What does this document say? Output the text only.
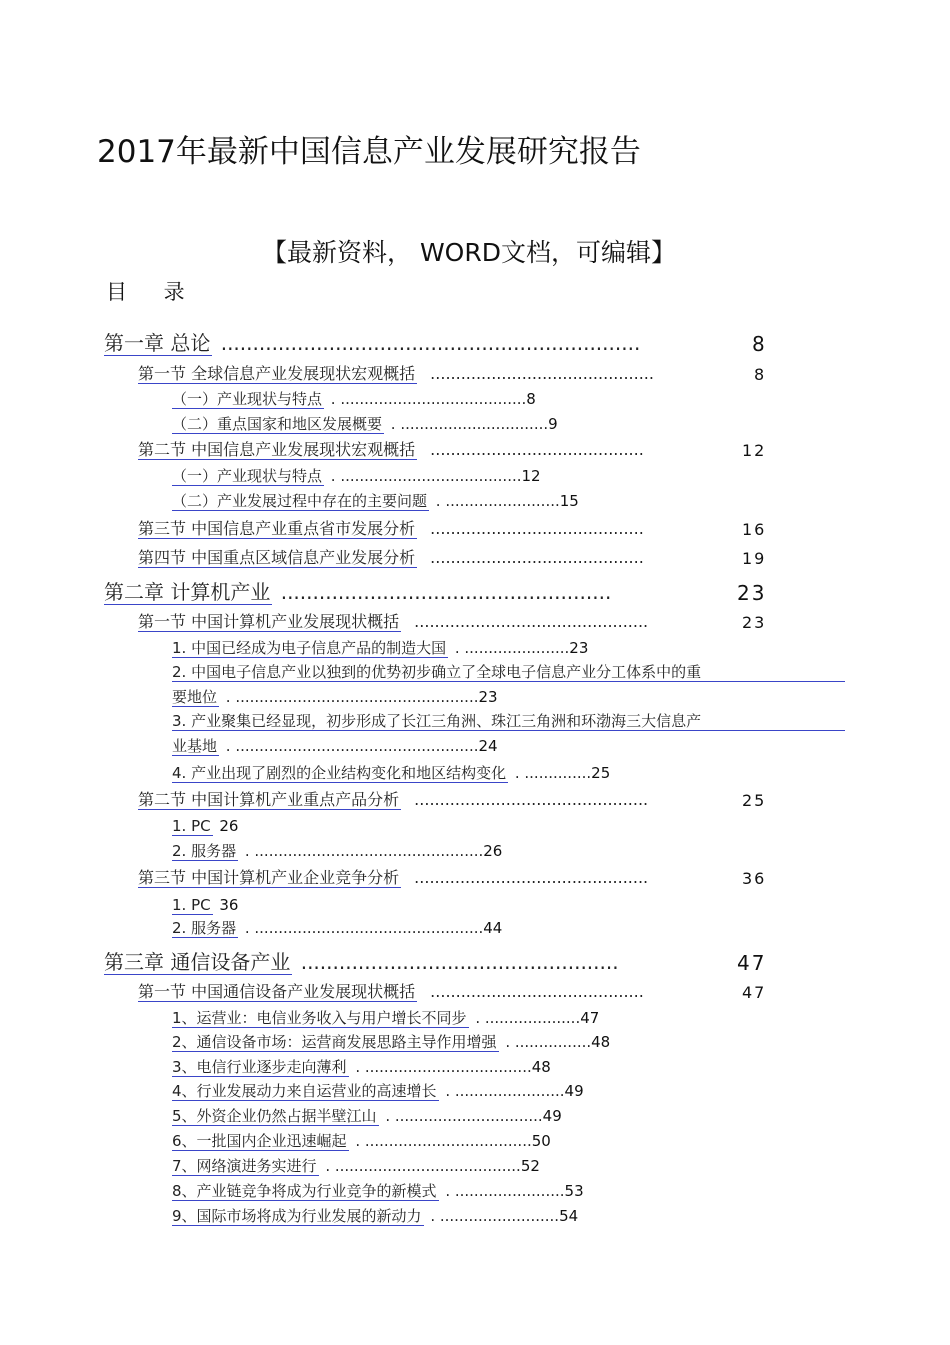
2017年最新中国信息产业发展研究报告
【最新资料， WORD文档，可编辑】
目 录
第一章 总论 ..................................................................	8
第一节 全球信息产业发展现状宏观概括 ............................................	8
（一）产业现状与特点 . .......................................8
（二）重点国家和地区发展概要 . ...............................9
第二节 中国信息产业发展现状宏观概括 ..........................................	12
（一）产业现状与特点 . ......................................12
（二）产业发展过程中存在的主要问题 . ........................15
第三节 中国信息产业重点省市发展分析 ..........................................	16
第四节 中国重点区域信息产业发展分析 ..........................................	19
第二章 计算机产业 ....................................................	23
第一节 中国计算机产业发展现状概括 ..............................................	23
1. 中国已经成为电子信息产品的制造大国 . ......................23
2. 中国电子信息产业以独到的优势初步确立了全球电子信息产业分工体系中的重
要地位 . ...................................................23
3. 产业聚集已经显现，初步形成了长江三角洲、珠江三角洲和环渤海三大信息产
业基地 . ...................................................24
4. 产业出现了剧烈的企业结构变化和地区结构变化 . ..............25
第二节 中国计算机产业重点产品分析 ..............................................	25
1. PC 26
2. 服务器 . ................................................26
第三节 中国计算机产业企业竞争分析 ..............................................	36
1. PC 36
2. 服务器 . ................................................44
第三章 通信设备产业 ..................................................	47
第一节 中国通信设备产业发展现状概括 ..........................................	47
1、运营业：电信业务收入与用户增长不同步 . ....................47
2、通信设备市场：运营商发展思路主导作用增强 . ................48
3、电信行业逐步走向薄利 . ...................................48
4、行业发展动力来自运营业的高速增长 . .......................49
5、外资企业仍然占据半壁江山 . ...............................49
6、一批国内企业迅速崛起 . ...................................50
7、网络演进务实进行 . .......................................52
8、产业链竞争将成为行业竞争的新模式 . .......................53
9、国际市场将成为行业发展的新动力 . .........................54
